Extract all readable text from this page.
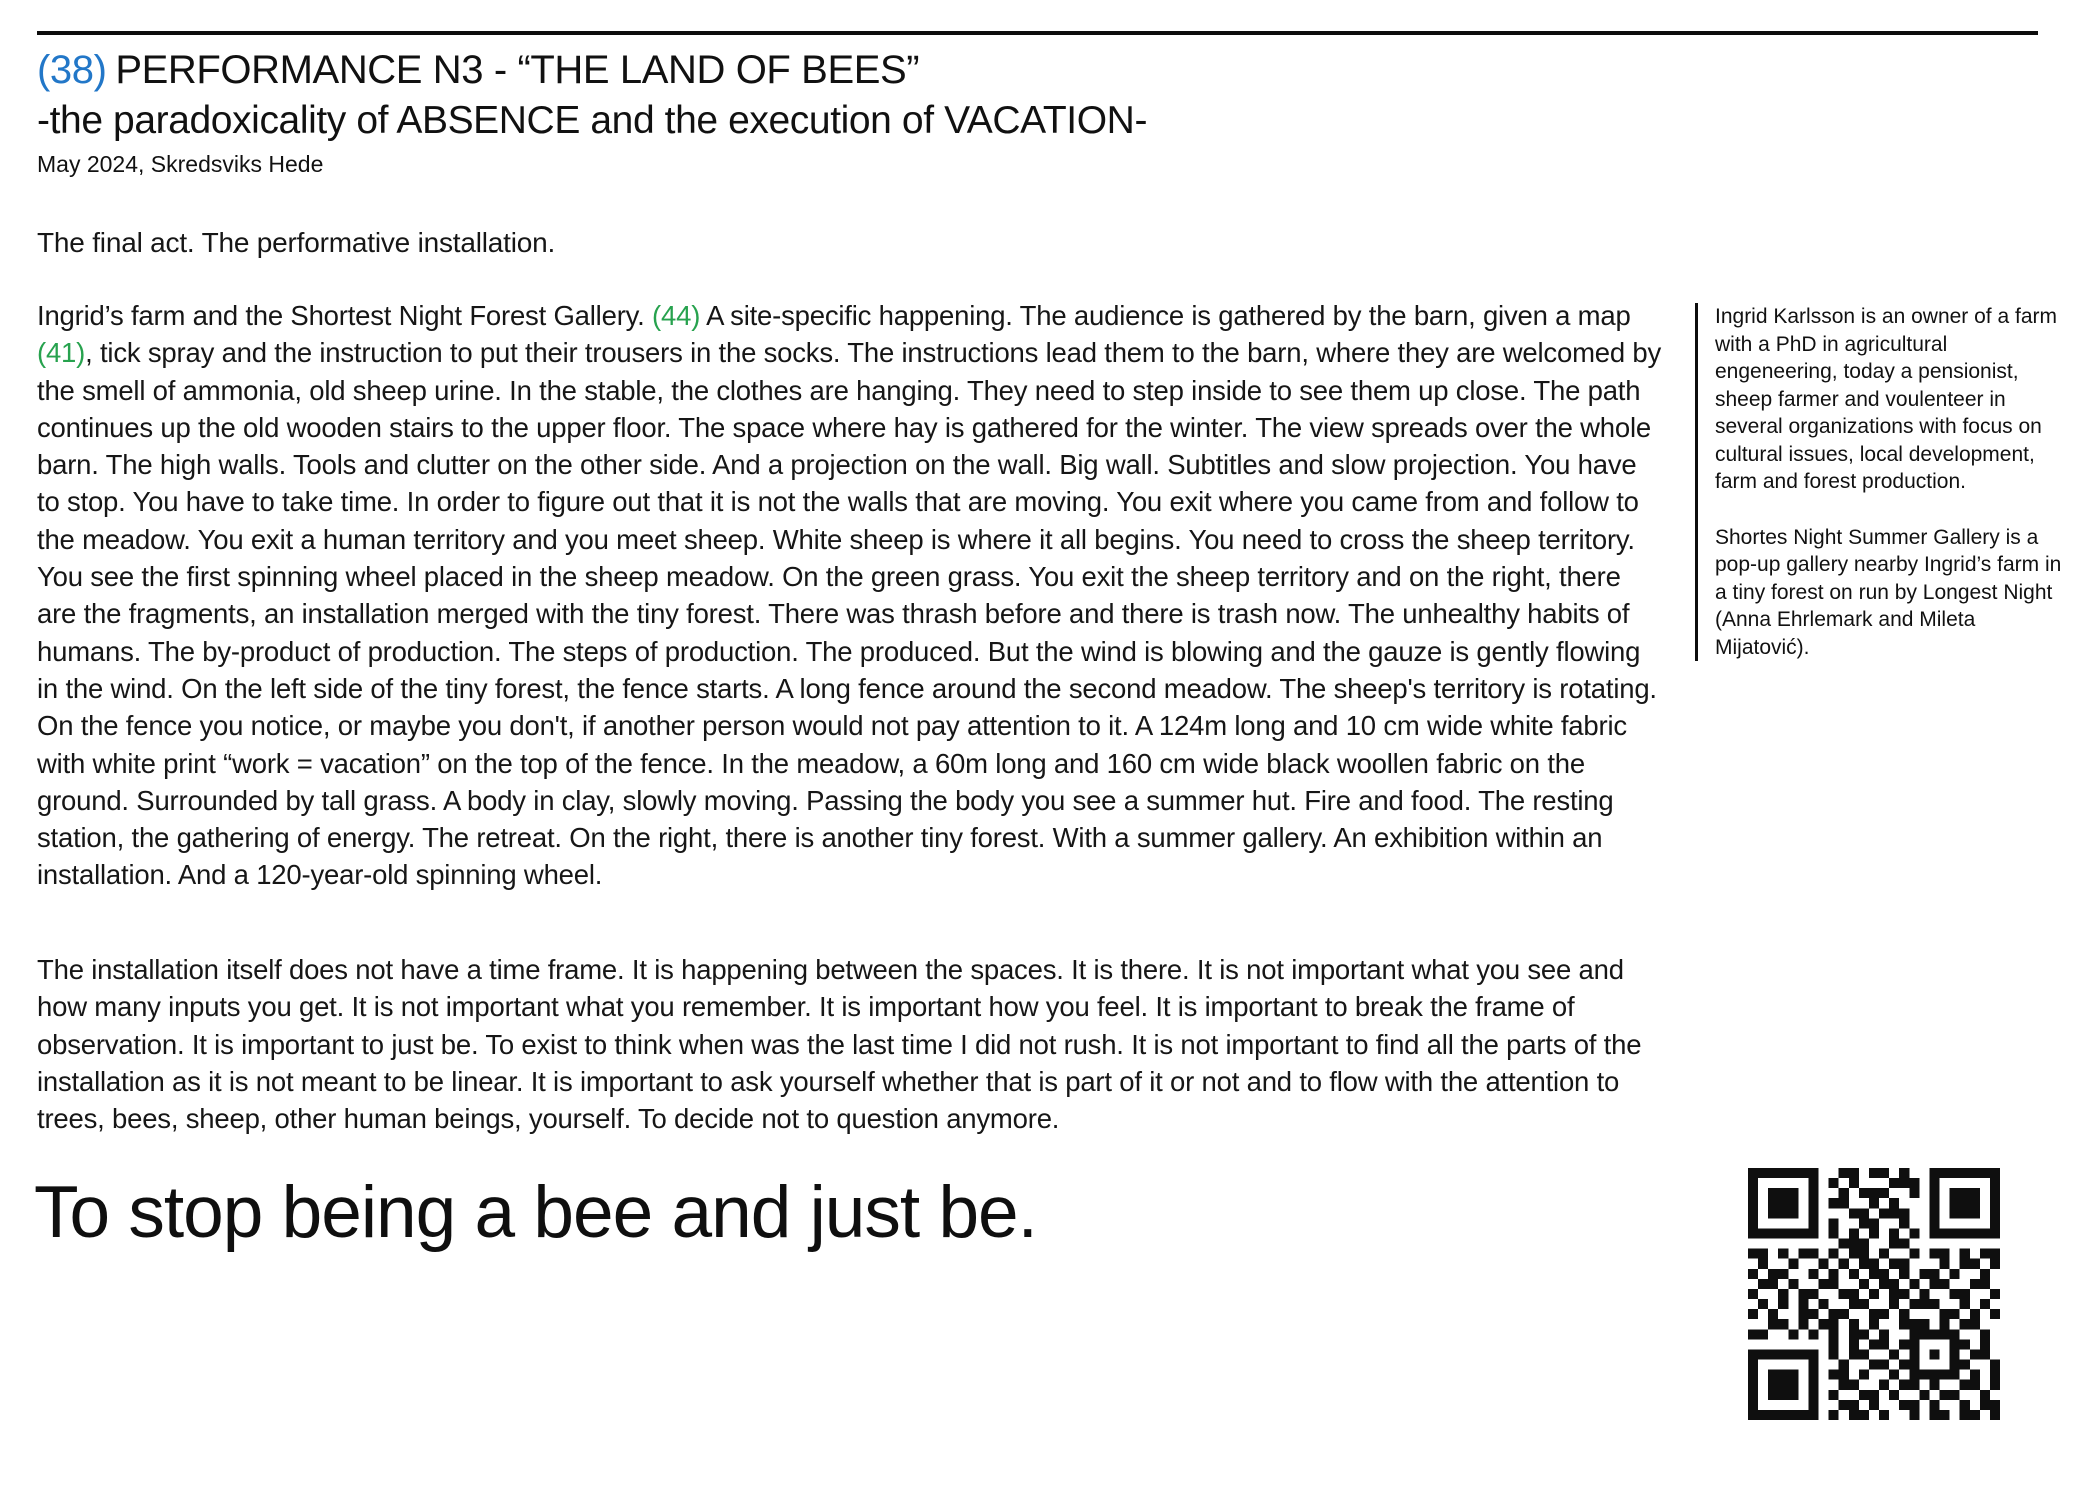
(38) PERFORMANCE N3 - “THE LAND OF BEES”
-the paradoxicality of ABSENCE and the execution of VACATION-
May 2024, Skredsviks Hede

The final act. The performative installation.

Ingrid’s farm and the Shortest Night Forest Gallery. (44) A site-specific happening. The audience is gathered by the barn, given a map (41), tick spray and the instruction to put their trousers in the socks. The instructions lead them to the barn, where they are welcomed by the smell of ammonia, old sheep urine. In the stable, the clothes are hanging. They need to step inside to see them up close. The path continues up the old wooden stairs to the upper floor. The space where hay is gathered for the winter. The view spreads over the whole barn. The high walls. Tools and clutter on the other side. And a projection on the wall. Big wall. Subtitles and slow projection. You have to stop. You have to take time. In order to figure out that it is not the walls that are moving. You exit where you came from and follow to the meadow. You exit a human territory and you meet sheep. White sheep is where it all begins. You need to cross the sheep territory. You see the first spinning wheel placed in the sheep meadow. On the green grass. You exit the sheep territory and on the right, there are the fragments, an installation merged with the tiny forest. There was thrash before and there is trash now. The unhealthy habits of humans. The by-product of production. The steps of production. The produced. But the wind is blowing and the gauze is gently flowing in the wind. On the left side of the tiny forest, the fence starts. A long fence around the second meadow. The sheep's territory is rotating. On the fence you notice, or maybe you don't, if another person would not pay attention to it. A 124m long and 10 cm wide white fabric with white print “work = vacation” on the top of the fence. In the meadow, a 60m long and 160 cm wide black woollen fabric on the ground. Surrounded by tall grass. A body in clay, slowly moving. Passing the body you see a summer hut. Fire and food. The resting station, the gathering of energy. The retreat. On the right, there is another tiny forest. With a summer gallery. An exhibition within an installation. And a 120-year-old spinning wheel.

The installation itself does not have a time frame. It is happening between the spaces. It is there. It is not important what you see and how many inputs you get. It is not important what you remember. It is important how you feel. It is important to break the frame of observation. It is important to just be. To exist to think when was the last time I did not rush. It is not important to find all the parts of the installation as it is not meant to be linear. It is important to ask yourself whether that is part of it or not and to flow with the attention to trees, bees, sheep, other human beings, yourself. To decide not to question anymore.

To stop being a bee and just be.

Ingrid Karlsson is an owner of a farm with a PhD in agricultural engeneering, today a pensionist, sheep farmer and voulenteer in several organizations with focus on cultural issues, local development, farm and forest production.

Shortes Night Summer Gallery is a pop-up gallery nearby Ingrid’s farm in a tiny forest on run by Longest Night (Anna Ehrlemark and Mileta Mijatović).
